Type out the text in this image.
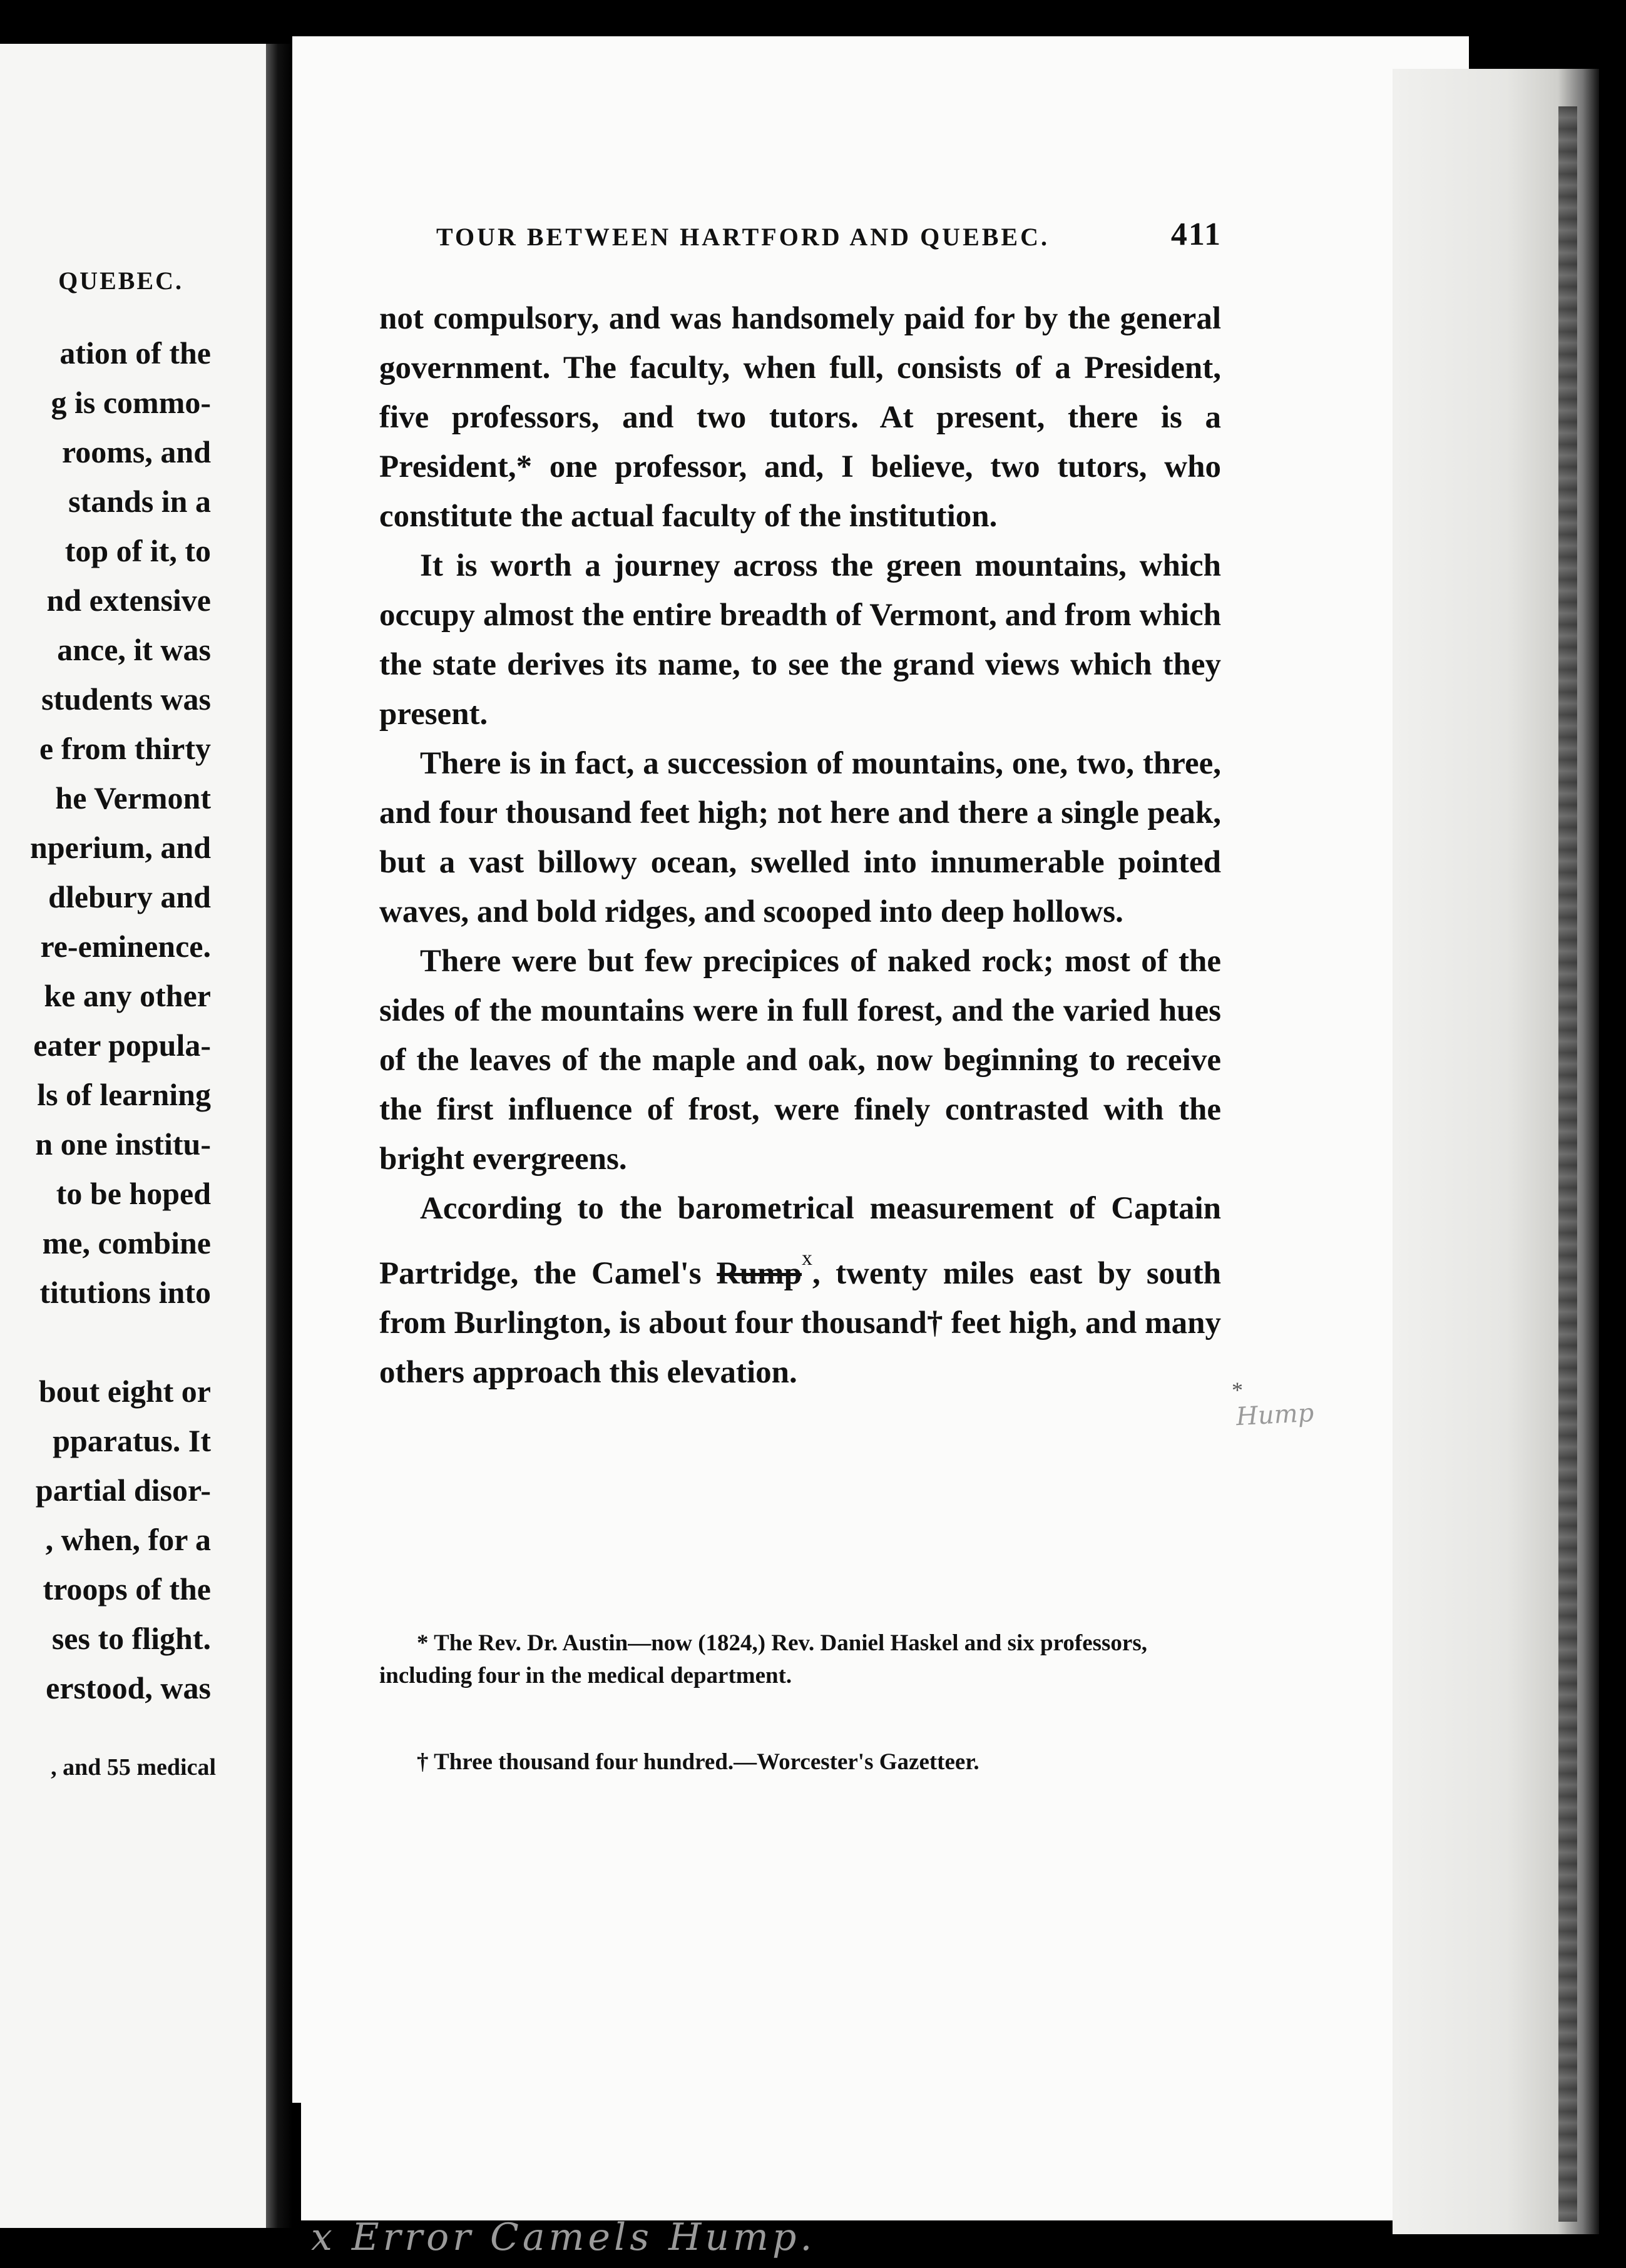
QUEBEC.
ation of the
g is commo-
rooms, and
stands in a
top of it, to
nd extensive
ance, it was
students was
e from thirty
he Vermont
nperium, and
dlebury and
re-eminence.
ke any other
eater popula-
ls of learning
n one institu-
to be hoped
me, combine
titutions into
bout eight or
pparatus. It
partial disor-
, when, for a
troops of the
ses to flight.
erstood, was
, and 55 medical
TOUR BETWEEN HARTFORD AND QUEBEC.	411

not compulsory, and was handsomely paid for by the general government. The faculty, when full, consists of a President, five professors, and two tutors. At present, there is a President,* one professor, and, I believe, two tutors, who constitute the actual faculty of the institution.

It is worth a journey across the green mountains, which occupy almost the entire breadth of Vermont, and from which the state derives its name, to see the grand views which they present.

There is in fact, a succession of mountains, one, two, three, and four thousand feet high; not here and there a single peak, but a vast billowy ocean, swelled into innumerable pointed waves, and bold ridges, and scooped into deep hollows.

There were but few precipices of naked rock; most of the sides of the mountains were in full forest, and the varied hues of the leaves of the maple and oak, now beginning to receive the first influence of frost, were finely contrasted with the bright evergreens.

According to the barometrical measurement of Captain Partridge, the Camel's Rump$^x$, twenty miles east by south from Burlington, is about four thousand† feet high, and many others approach this elevation.

* The Rev. Dr. Austin—now (1824,) Rev. Daniel Haskel and six professors, including four in the medical department.
† Three thousand four hundred.—Worcester's Gazetteer.
*
Hump
x Error Camels Hump.
